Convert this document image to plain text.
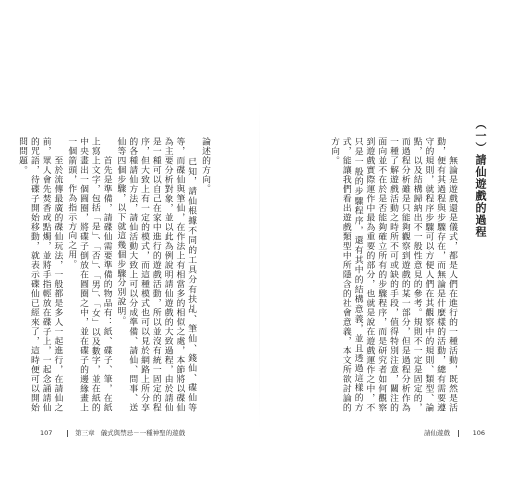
（一）請仙遊戲的過程
無論是遊戲還是儀式，都是人們在進行的一種活動，既然是活動，便有其過程與步驟存在，而無論是什麼樣的活動，總有需要遵守的規則，就程序步驟可以方便人們在其觀察中的規則、類型、論點，以及結構歸納出不一般性意見的參考。規則不一定是固定的，而過程分析雖是只能夠觀察到遊戲的某一部分，但是過程分析作為一種了解遊戲活動之時所不可或缺的手段，值得特別注意，關注的面向並不在於是否能夠確立所有的步驟程序，而是研究者如何觀察到遊戲實際運作中最為重要的部分，也就是說在遊戲運作之中，不只是一般的步驟程序，還有其中的結構意義，並且透過這樣的方式，能讓我們看出遊戲類型中所隱含的社會意義，本文所欲討論的方向。
論述的方向。
已知，請仙根據不同的工具分有扶乩、筆仙、錢仙、碟仙等等，而碟仙與筆仙，在作法上有相當多的相似之處，本節將以碟仙為主要分析對象，並以此為例說明請仙遊戲的大致過程，由於請仙是一種可以自己在家中進行的遊戲活動，所以並沒有統一固定的程序，但大致上有一定的模式，而這種模式也可以見於網路上所分享的各種請仙方法，請仙活動大致上可以分成準備、請仙、問事、送仙等四個步驟，以下就這幾個步驟分別說明。
首先是準備，請碟仙需要準備的物品有：紙、碟子、筆，在紙上寫上文字，包括「是」、「否」、「男」、「女」以及數字，並在紙的中央畫出一個圓圈，將碟子倒放在圓圈之中，並在碟子的邊緣畫上一個箭頭，作為指示方向之用。
至於流傳最廣的碟仙玩法，一般都是多人一起進行，在請仙之前，眾人會先焚香或點燭，並將手指輕放在碟子上，一起念誦請仙的咒語，待碟子開始移動，就表示碟仙已經來了，這時便可以開始問問題。
107	第三章 儀式與禁忌－一種神聖的遊戲	請仙遊戲	106
